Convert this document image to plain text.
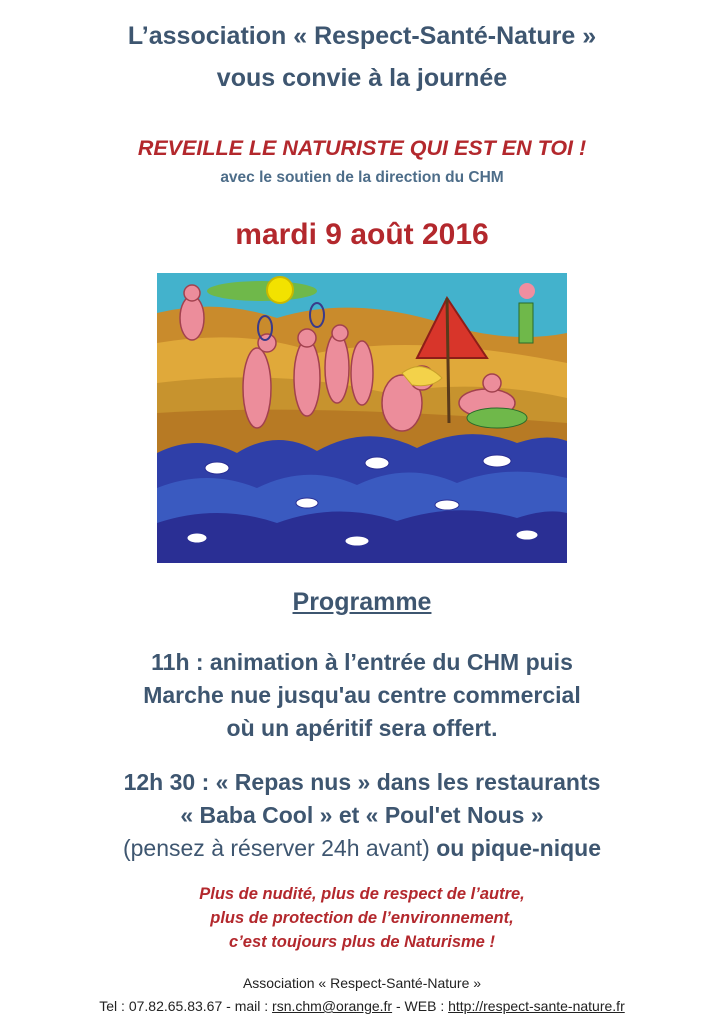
L’association « Respect-Santé-Nature »
vous convie à la journée
REVEILLE LE NATURISTE QUI EST EN TOI !
avec le soutien de la direction du CHM
mardi 9 août 2016
Programme
11h : animation à l’entrée du CHM puis
Marche nue jusqu'au centre commercial
où un apéritif sera offert.
12h 30 : « Repas nus » dans les restaurants
« Baba Cool » et « Poul'et Nous »
(pensez à réserver 24h avant) ou pique-nique
Plus de nudité, plus de respect de l’autre,
plus de protection de l’environnement,
c’est toujours plus de Naturisme !
Association « Respect-Santé-Nature »
Tel : 07.82.65.83.67 - mail : rsn.chm@orange.fr - WEB : http://respect-sante-nature.fr
